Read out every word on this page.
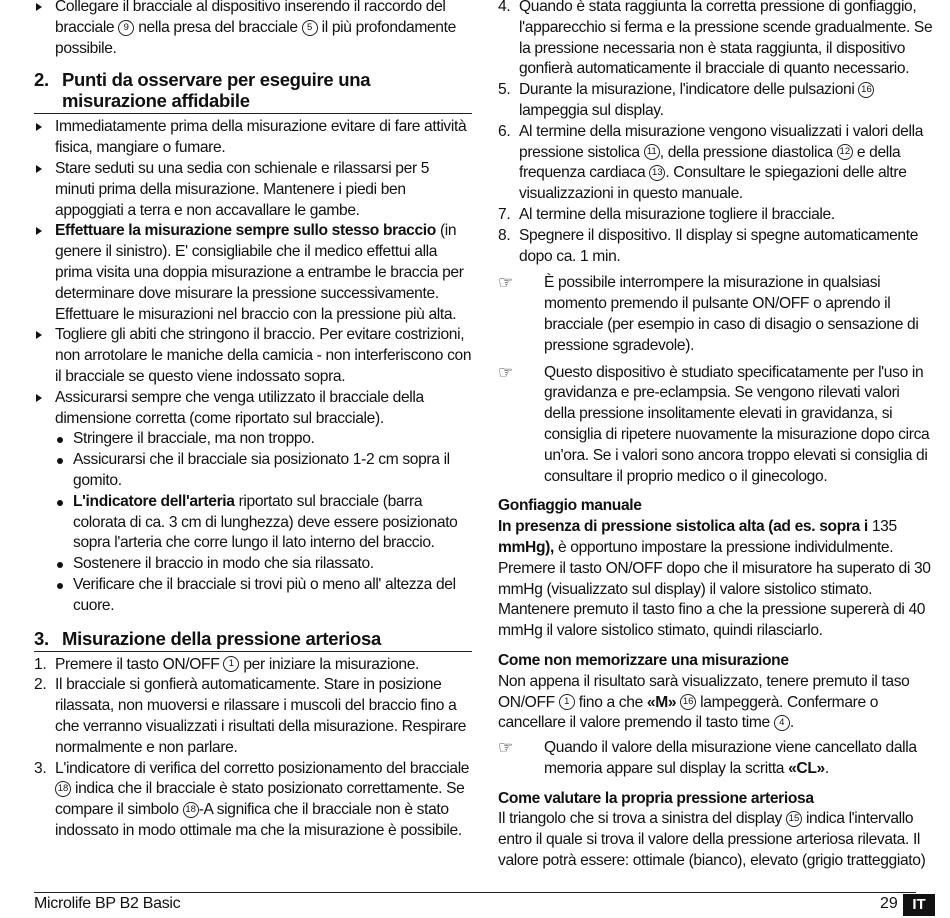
Collegare il bracciale al dispositivo inserendo il raccordo del bracciale 9 nella presa del bracciale 5 il più profondamente possibile.
2. Punti da osservare per eseguire una misurazione affidabile
Immediatamente prima della misurazione evitare di fare attività fisica, mangiare o fumare.
Stare seduti su una sedia con schienale e rilassarsi per 5 minuti prima della misurazione. Mantenere i piedi ben appoggiati a terra e non accavallare le gambe.
Effettuare la misurazione sempre sullo stesso braccio (in genere il sinistro). E' consigliabile che il medico effettui alla prima visita una doppia misurazione a entrambe le braccia per determinare dove misurare la pressione successivamente. Effettuare le misurazioni nel braccio con la pressione più alta.
Togliere gli abiti che stringono il braccio. Per evitare costrizioni, non arrotolare le maniche della camicia - non interferiscono con il bracciale se questo viene indossato sopra.
Assicurarsi sempre che venga utilizzato il bracciale della dimensione corretta (come riportato sul bracciale).
Stringere il bracciale, ma non troppo.
Assicurarsi che il bracciale sia posizionato 1-2 cm sopra il gomito.
L'indicatore dell'arteria riportato sul bracciale (barra colorata di ca. 3 cm di lunghezza) deve essere posizionato sopra l'arteria che corre lungo il lato interno del braccio.
Sostenere il braccio in modo che sia rilassato.
Verificare che il bracciale si trovi più o meno all' altezza del cuore.
3. Misurazione della pressione arteriosa
1. Premere il tasto ON/OFF 1 per iniziare la misurazione.
2. Il bracciale si gonfierà automaticamente. Stare in posizione rilassata, non muoversi e rilassare i muscoli del braccio fino a che verranno visualizzati i risultati della misurazione. Respirare normalmente e non parlare.
3. L'indicatore di verifica del corretto posizionamento del bracciale 18 indica che il bracciale è stato posizionato correttamente. Se compare il simbolo 18 -A significa che il bracciale non è stato indossato in modo ottimale ma che la misurazione è possibile.
4. Quando è stata raggiunta la corretta pressione di gonfiaggio, l'apparecchio si ferma e la pressione scende gradualmente. Se la pressione necessaria non è stata raggiunta, il dispositivo gonfierà automaticamente il bracciale di quanto necessario.
5. Durante la misurazione, l'indicatore delle pulsazioni 16 lampeggia sul display.
6. Al termine della misurazione vengono visualizzati i valori della pressione sistolica 11 , della pressione diastolica 12 e della frequenza cardiaca 13 . Consultare le spiegazioni delle altre visualizzazioni in questo manuale.
7. Al termine della misurazione togliere il bracciale.
8. Spegnere il dispositivo. Il display si spegne automaticamente dopo ca. 1 min.
☞ È possibile interrompere la misurazione in qualsiasi momento premendo il pulsante ON/OFF o aprendo il bracciale (per esempio in caso di disagio o sensazione di pressione sgradevole).
☞ Questo dispositivo è studiato specificatamente per l'uso in gravidanza e pre-eclampsia. Se vengono rilevati valori della pressione insolitamente elevati in gravidanza, si consiglia di ripetere nuovamente la misurazione dopo circa un'ora. Se i valori sono ancora troppo elevati si consiglia di consultare il proprio medico o il ginecologo.
Gonfiaggio manuale
In presenza di pressione sistolica alta (ad es. sopra i 135 mmHg), è opportuno impostare la pressione individulmente. Premere il tasto ON/OFF dopo che il misuratore ha superato di 30 mmHg (visualizzato sul display) il valore sistolico stimato. Mantenere premuto il tasto fino a che la pressione supererà di 40 mmHg il valore sistolico stimato, quindi rilasciarlo.
Come non memorizzare una misurazione
Non appena il risultato sarà visualizzato, tenere premuto il taso ON/OFF 1 fino a che «M» 16 lampeggerà. Confermare o cancellare il valore premendo il tasto time 4 .
☞ Quando il valore della misurazione viene cancellato dalla memoria appare sul display la scritta «CL».
Come valutare la propria pressione arteriosa
Il triangolo che si trova a sinistra del display 15 indica l'intervallo entro il quale si trova il valore della pressione arteriosa rilevata. Il valore potrà essere: ottimale (bianco), elevato (grigio tratteggiato)
Microlife BP B2 Basic	29 IT
